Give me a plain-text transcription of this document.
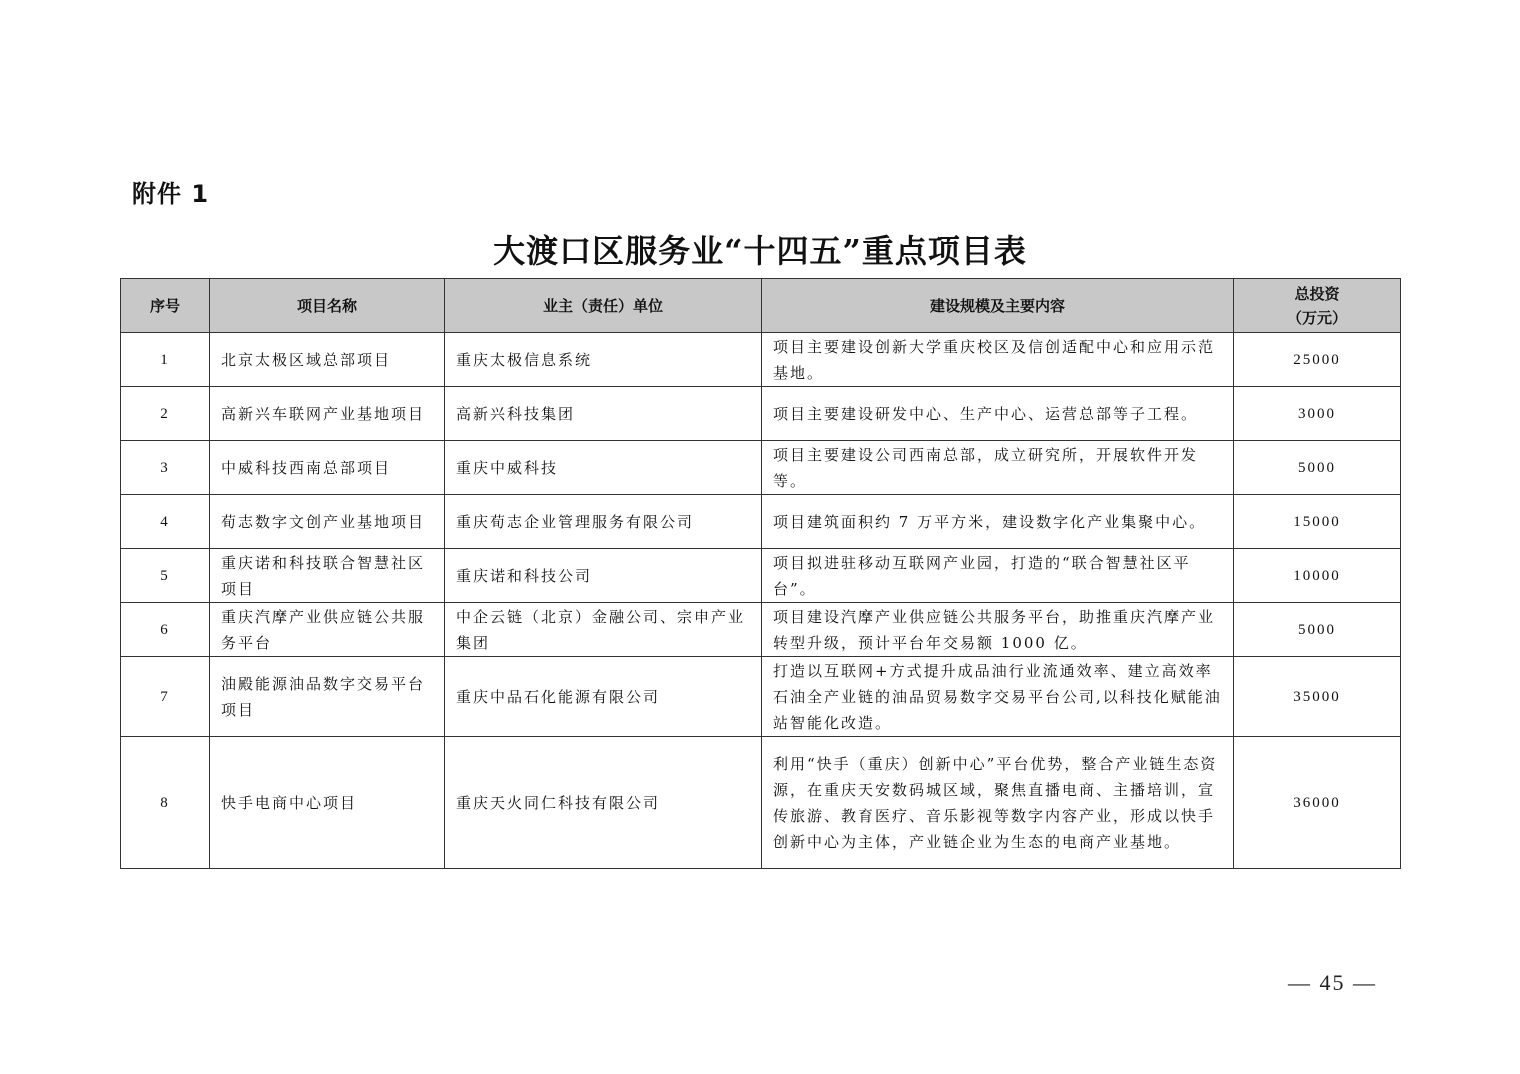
附件 1
大渡口区服务业“十四五”重点项目表
序号	项目名称	业主（责任）单位	建设规模及主要内容	总投资
（万元）

1	北京太极区域总部项目	重庆太极信息系统	项目主要建设创新大学重庆校区及信创适配中心和应用示范基地。	25000
2	高新兴车联网产业基地项目	高新兴科技集团	项目主要建设研发中心、生产中心、运营总部等子工程。	3000
3	中威科技西南总部项目	重庆中威科技	项目主要建设公司西南总部，成立研究所，开展软件开发等。	5000
4	荀志数字文创产业基地项目	重庆荀志企业管理服务有限公司	项目建筑面积约 7 万平方米，建设数字化产业集聚中心。	15000
5	重庆诺和科技联合智慧社区项目	重庆诺和科技公司	项目拟进驻移动互联网产业园，打造的“联合智慧社区平台”。	10000
6	重庆汽摩产业供应链公共服务平台	中企云链（北京）金融公司、宗申产业集团	项目建设汽摩产业供应链公共服务平台，助推重庆汽摩产业转型升级，预计平台年交易额 1000 亿。	5000
7	油殿能源油品数字交易平台项目	重庆中品石化能源有限公司	打造以互联网+方式提升成品油行业流通效率、建立高效率石油全产业链的油品贸易数字交易平台公司,以科技化赋能油站智能化改造。	35000
8	快手电商中心项目	重庆天火同仁科技有限公司	利用“快手（重庆）创新中心”平台优势，整合产业链生态资源，在重庆天安数码城区域，聚焦直播电商、主播培训，宣传旅游、教育医疗、音乐影视等数字内容产业，形成以快手创新中心为主体，产业链企业为生态的电商产业基地。	36000
— 45 —
